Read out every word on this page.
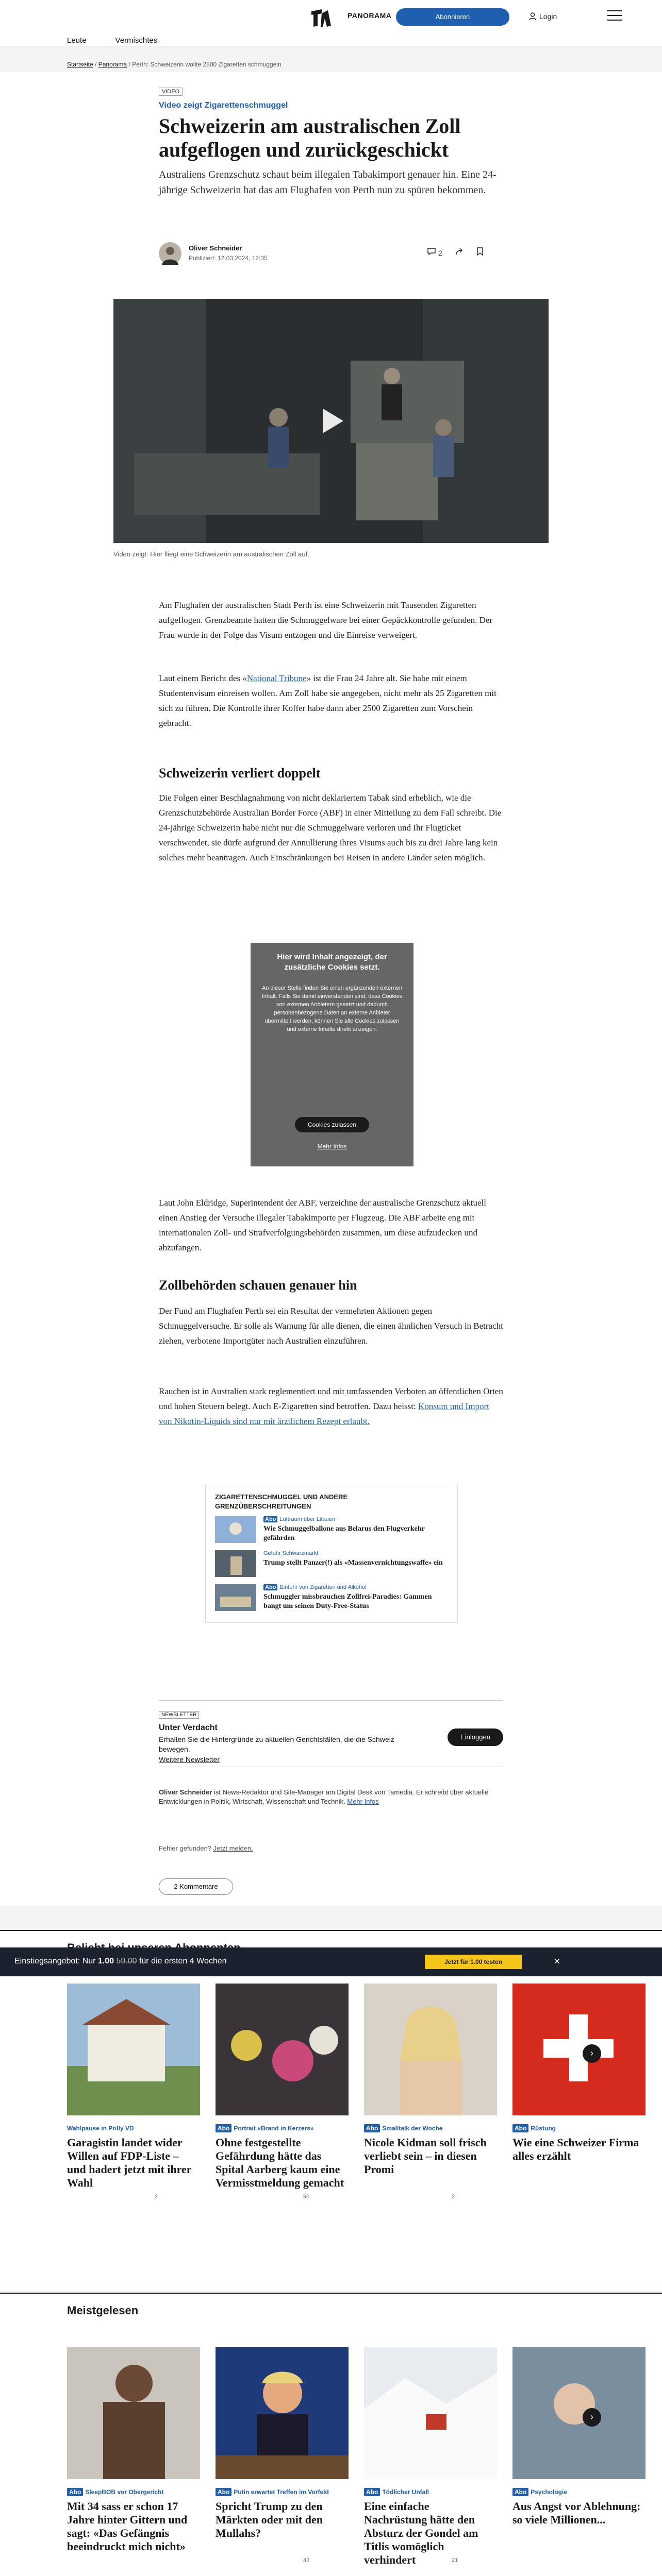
PANORAMA	Abonnieren	Login
Leute	Vermischtes
Startseite / Panorama / Perth: Schweizerin wollte 2500 Zigaretten schmuggeln
VIDEO
Video zeigt Zigarettenschmuggel
Schweizerin am australischen Zoll aufgeflogen und zurückgeschickt

Australiens Grenzschutz schaut beim illegalen Tabakimport genauer hin. Eine 24-jährige Schweizerin hat das am Flughafen von Perth nun zu spüren bekommen.

Oliver Schneider
Publiziert: 12.03.2024, 12:35
2
Video zeigt: Hier fliegt eine Schweizerin am australischen Zoll auf.

Am Flughafen der australischen Stadt Perth ist eine Schweizerin mit Tausenden Zigaretten aufgeflogen. Grenzbeamte hatten die Schmuggelware bei einer Gepäckkontrolle gefunden. Der Frau wurde in der Folge das Visum entzogen und die Einreise verweigert.

Laut einem Bericht des «National Tribune» ist die Frau 24 Jahre alt. Sie habe mit einem Studentenvisum einreisen wollen. Am Zoll habe sie angegeben, nicht mehr als 25 Zigaretten mit sich zu führen. Die Kontrolle ihrer Koffer habe dann aber 2500 Zigaretten zum Vorschein gebracht.

Schweizerin verliert doppelt

Die Folgen einer Beschlagnahmung von nicht deklariertem Tabak sind erheblich, wie die Grenzschutzbehörde Australian Border Force (ABF) in einer Mitteilung zu dem Fall schreibt. Die 24-jährige Schweizerin habe nicht nur die Schmuggelware verloren und Ihr Flugticket verschwendet, sie dürfe aufgrund der Annullierung ihres Visums auch bis zu drei Jahre lang kein solches mehr beantragen. Auch Einschränkungen bei Reisen in andere Länder seien möglich.

Hier wird Inhalt angezeigt, der zusätzliche Cookies setzt.
An dieser Stelle finden Sie einen ergänzenden externen Inhalt. Falls Sie damit einverstanden sind, dass Cookies von externen Anbietern gesetzt und dadurch personenbezogene Daten an externe Anbieter übermittelt werden, können Sie alle Cookies zulassen und externe Inhalte direkt anzeigen.
Cookies zulassen
Mehr Infos

Laut John Eldridge, Superintendent der ABF, verzeichne der australische Grenzschutz aktuell einen Anstieg der Versuche illegaler Tabakimporte per Flugzeug. Die ABF arbeite eng mit internationalen Zoll- und Strafverfolgungsbehörden zusammen, um diese aufzudecken und abzufangen.

Zollbehörden schauen genauer hin

Der Fund am Flughafen Perth sei ein Resultat der vermehrten Aktionen gegen Schmuggelversuche. Er solle als Warnung für alle dienen, die einen ähnlichen Versuch in Betracht ziehen, verbotene Importgüter nach Australien einzuführen.

Rauchen ist in Australien stark reglementiert und mit umfassenden Verboten an öffentlichen Orten und hohen Steuern belegt. Auch E-Zigaretten sind betroffen. Dazu heisst: Konsum und Import von Nikotin-Liquids sind nur mit ärztlichem Rezept erlaubt.

ZIGARETTENSCHMUGGEL UND ANDERE GRENZÜBERSCHREITUNGEN
Abo Luftraum über Litauen
Wie Schmuggelballone aus Belarus den Flugverkehr gefährden
Gefahr Schwarzmarkt
Trump stellt Panzer(!) als «Massenvernichtungswaffe» ein
Abo Einfuhr von Zigaretten und Alkohol
Schmuggler missbrauchen Zollfrei-Paradies: Gammen bangt um seinen Duty-Free-Status
NEWSLETTER
Unter Verdacht
Erhalten Sie die Hintergründe zu aktuellen Gerichtsfällen, die die Schweiz bewegen.
Weitere Newsletter
Einloggen
Oliver Schneider ist News-Redaktor und Site-Manager am Digital Desk von Tamedia. Er schreibt über aktuelle Entwicklungen in Politik, Wirtschaft, Wissenschaft und Technik. Mehr Infos
Fehler gefunden? Jetzt melden.
2 Kommentare
Einstiegsangebot: Nur 1.00 59.00 für die ersten 4 Wochen	Jetzt für 1.00 testen	×
Wahlpause in Prilly VD
Garagistin landet wider Willen auf FDP-Liste – und hadert jetzt mit ihrer Wahl
2
Abo Portrait «Brand in Kerzers»
Ohne festgestellte Gefährdung hätte das Spital Aarberg kaum eine Vermisstmeldung gemacht
90
Abo Smalltalk der Woche
Nicole Kidman soll frisch verliebt sein – in diesen Promi
2
Abo Rüstung
Wie eine Schweizer Firma alles erzählt
›
Meistgelesen
Abo SleepBOB vor Obergericht
Mit 34 sass er schon 17 Jahre hinter Gittern und sagt: «Das Gefängnis beeindruckt mich nicht»
Abo Putin erwartet Treffen im Vorfeld
Spricht Trump zu den Märkten oder mit den Mullahs?
42
Abo Tödlicher Unfall
Eine einfache Nachrüstung hätte den Absturz der Gondel am Titlis womöglich verhindert	21
Abo Psychologie
Aus Angst vor Ablehnung: so viele Millionen...
›
